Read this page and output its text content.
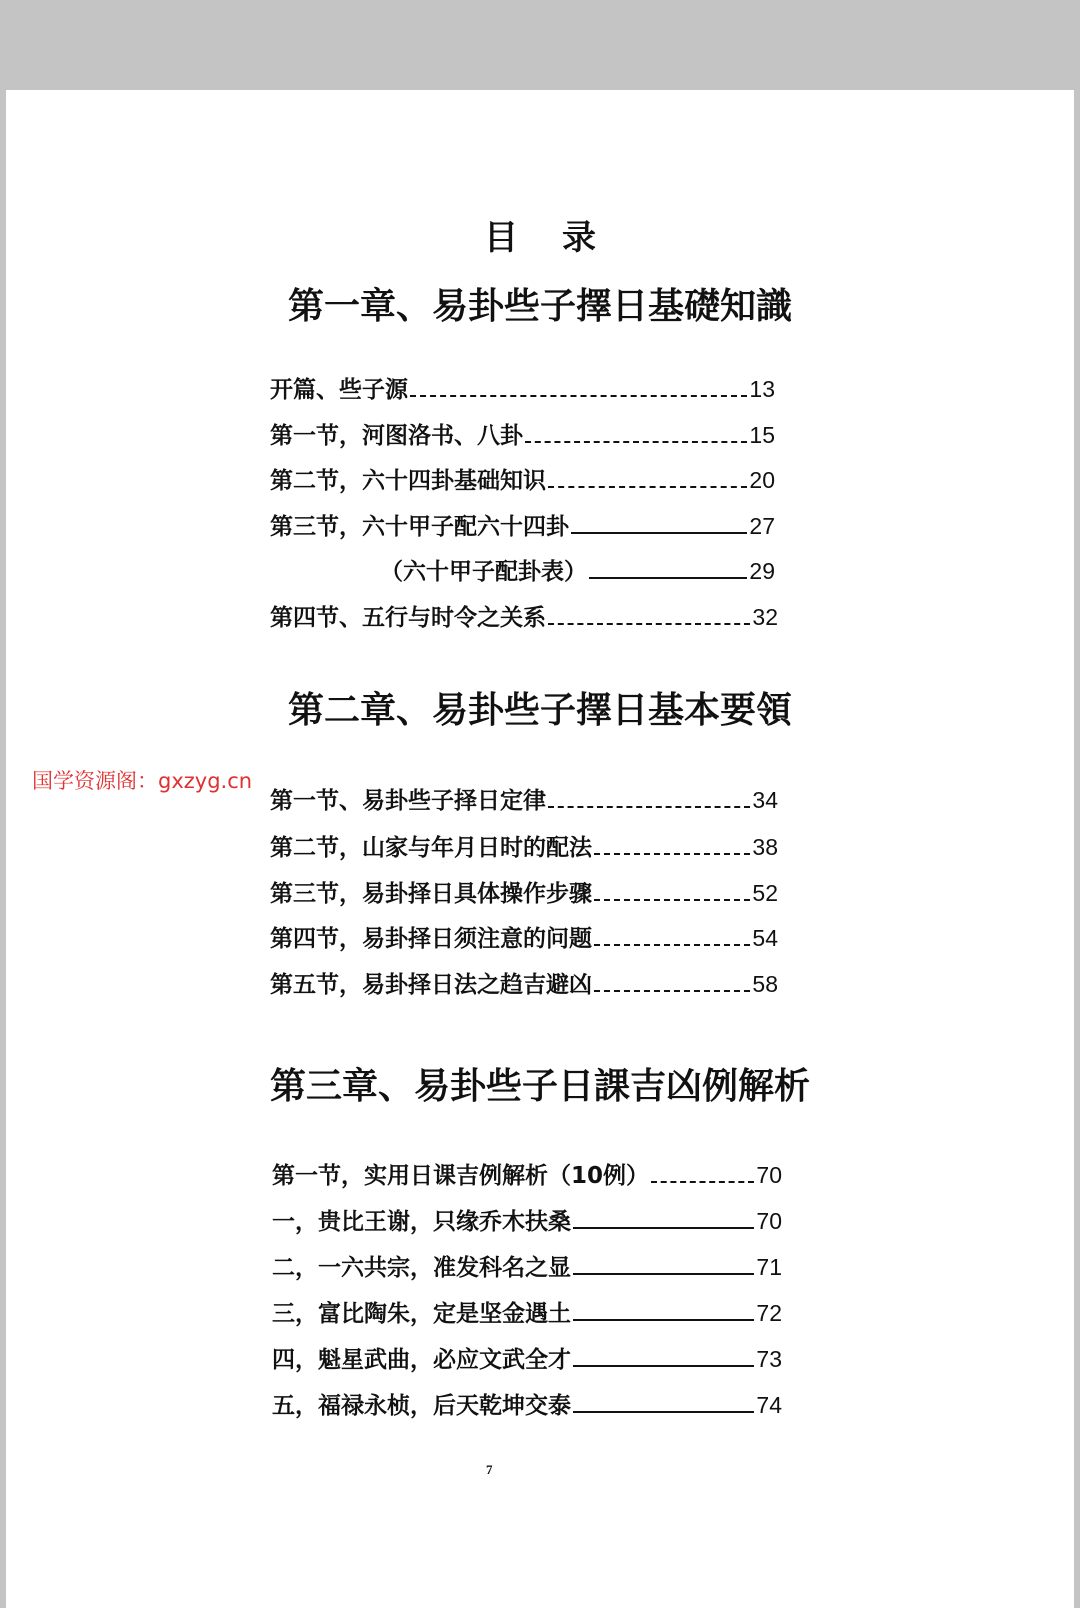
目录
第一章、易卦些子擇日基礎知識
开篇、些子源	13
第一节，河图洛书、八卦	15
第二节，六十四卦基础知识	20
第三节，六十甲子配六十四卦	27
（六十甲子配卦表）	29
第四节、五行与时令之关系	32
第二章、易卦些子擇日基本要領
国学资源阁：gxzyg.cn
第一节、易卦些子择日定律	34
第二节，山家与年月日时的配法	38
第三节，易卦择日具体操作步骤	52
第四节，易卦择日须注意的问题	54
第五节，易卦择日法之趋吉避凶	58
第三章、易卦些子日課吉凶例解析
第一节，实用日课吉例解析（10例）	70
一，贵比王谢，只缘乔木扶桑	70
二，一六共宗，准发科名之显	71
三，富比陶朱，定是坚金遇土	72
四，魁星武曲，必应文武全才	73
五，福禄永桢，后天乾坤交泰	74
7
